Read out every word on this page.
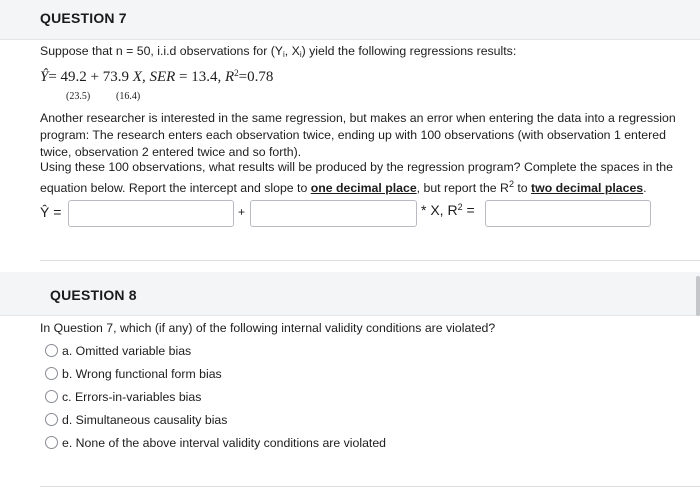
QUESTION 7
Suppose that n = 50, i.i.d observations for ($Y_i$, $X_i$) yield the following regressions results:
Ŷ= 49.2 + 73.9 X, SER = 13.4, $R^2=0.78$
(23.5)	(16.4)
Another researcher is interested in the same regression, but makes an error when entering the data into a regression
program: The research enters each observation twice, ending up with 100 observations (with observation 1 entered
twice, observation 2 entered twice and so forth).
Using these 100 observations, what results will be produced by the regression program? Complete the spaces in the
equation below. Report the intercept and slope to one decimal place, but report the $R^2$ to two decimal places.
Ŷ =	+	* X, $R^2$ =
QUESTION 8
In Question 7, which (if any) of the following internal validity conditions are violated?
a. Omitted variable bias
b. Wrong functional form bias
c. Errors-in-variables bias
d. Simultaneous causality bias
e. None of the above interval validity conditions are violated
